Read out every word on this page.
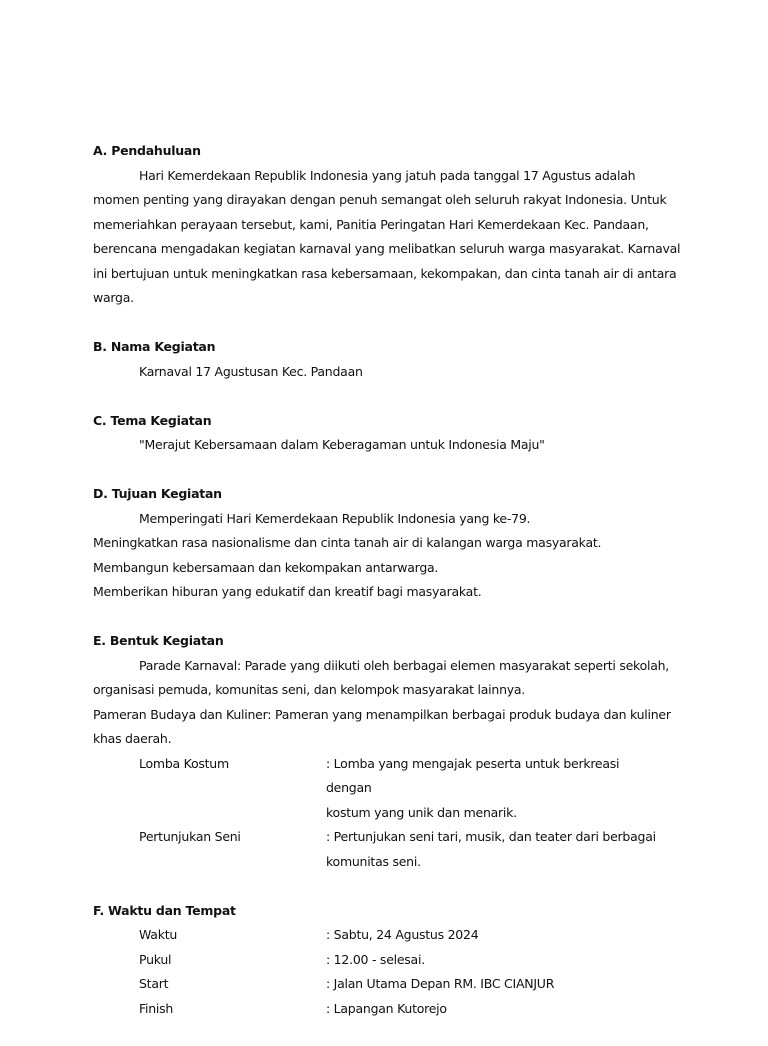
A. Pendahuluan

Hari Kemerdekaan Republik Indonesia yang jatuh pada tanggal 17 Agustus adalah momen penting yang dirayakan dengan penuh semangat oleh seluruh rakyat Indonesia. Untuk memeriahkan perayaan tersebut, kami, Panitia Peringatan Hari Kemerdekaan Kec. Pandaan, berencana mengadakan kegiatan karnaval yang melibatkan seluruh warga masyarakat. Karnaval ini bertujuan untuk meningkatkan rasa kebersamaan, kekompakan, dan cinta tanah air di antara warga.

B. Nama Kegiatan

Karnaval 17 Agustusan Kec. Pandaan

C. Tema Kegiatan

"Merajut Kebersamaan dalam Keberagaman untuk Indonesia Maju"

D. Tujuan Kegiatan

Memperingati Hari Kemerdekaan Republik Indonesia yang ke-79.

Meningkatkan rasa nasionalisme dan cinta tanah air di kalangan warga masyarakat.

Membangun kebersamaan dan kekompakan antarwarga.

Memberikan hiburan yang edukatif dan kreatif bagi masyarakat.

E. Bentuk Kegiatan

Parade Karnaval: Parade yang diikuti oleh berbagai elemen masyarakat seperti sekolah, organisasi pemuda, komunitas seni, dan kelompok masyarakat lainnya.

Pameran Budaya dan Kuliner: Pameran yang menampilkan berbagai produk budaya dan kuliner khas daerah.

Lomba Kostum	: Lomba yang mengajak peserta untuk berkreasi dengan
kostum yang unik dan menarik.
Pertunjukan Seni	: Pertunjukan seni tari, musik, dan teater dari berbagai
komunitas seni.

F. Waktu dan Tempat

Waktu	: Sabtu, 24 Agustus 2024
Pukul	: 12.00 - selesai.
Start	: Jalan Utama Depan RM. IBC CIANJUR
Finish	: Lapangan Kutorejo
